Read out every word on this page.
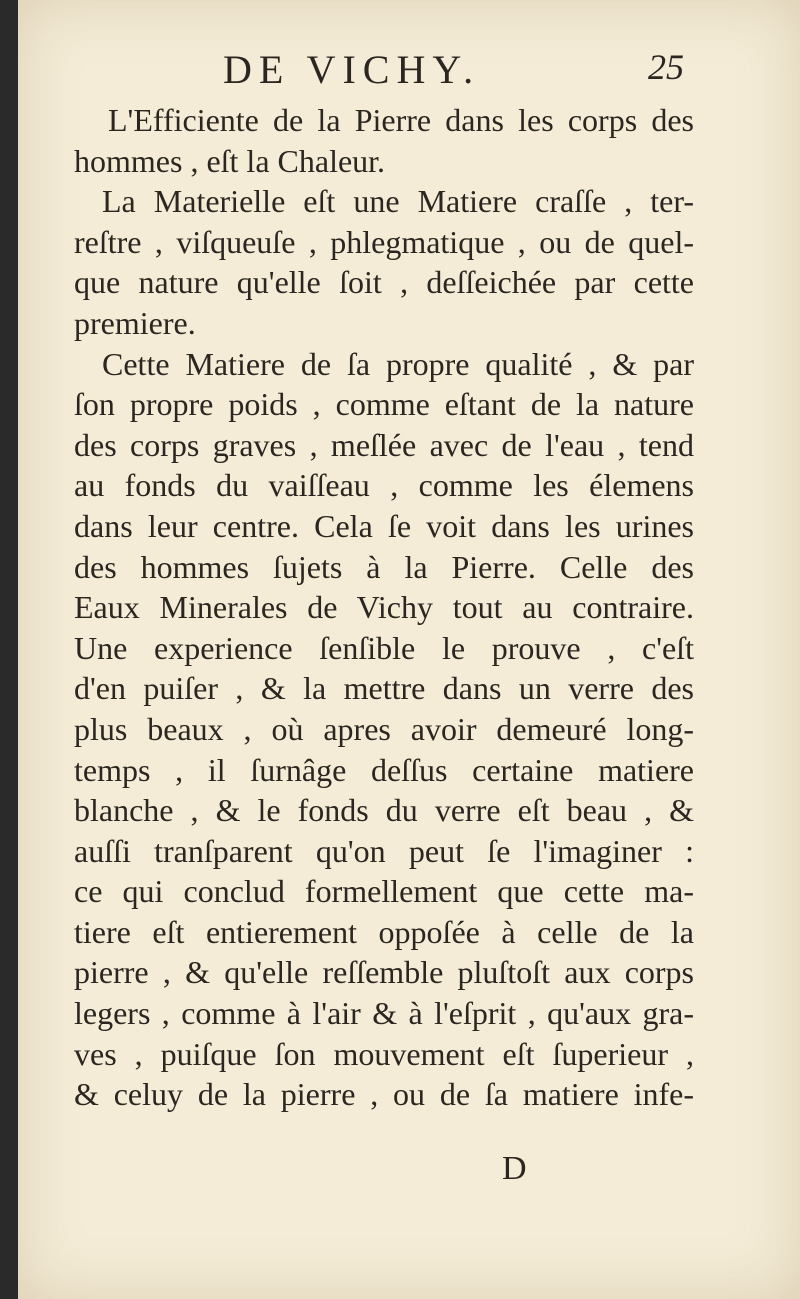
DE VICHY.	25
L'Efficiente de la Pierre dans les corps des
hommes , eſt la Chaleur.
La Materielle eſt une Matiere craſſe , ter-
reſtre , viſqueuſe , phlegmatique , ou de quel-
que nature qu'elle ſoit , deſſeichée par cette
premiere.
Cette Matiere de ſa propre qualité , & par
ſon propre poids , comme eſtant de la nature
des corps graves , meſlée avec de l'eau , tend
au fonds du vaiſſeau , comme les élemens
dans leur centre. Cela ſe voit dans les urines
des hommes ſujets à la Pierre. Celle des
Eaux Minerales de Vichy tout au contraire.
Une experience ſenſible le prouve , c'eſt
d'en puiſer , & la mettre dans un verre des
plus beaux , où apres avoir demeuré long-
temps , il ſurnâge deſſus certaine matiere
blanche , & le fonds du verre eſt beau , &
auſſi tranſparent qu'on peut ſe l'imaginer :
ce qui conclud formellement que cette ma-
tiere eſt entierement oppoſée à celle de la
pierre , & qu'elle reſſemble pluſtoſt aux corps
legers , comme à l'air & à l'eſprit , qu'aux gra-
ves , puiſque ſon mouvement eſt ſuperieur ,
& celuy de la pierre , ou de ſa matiere infe-
D
